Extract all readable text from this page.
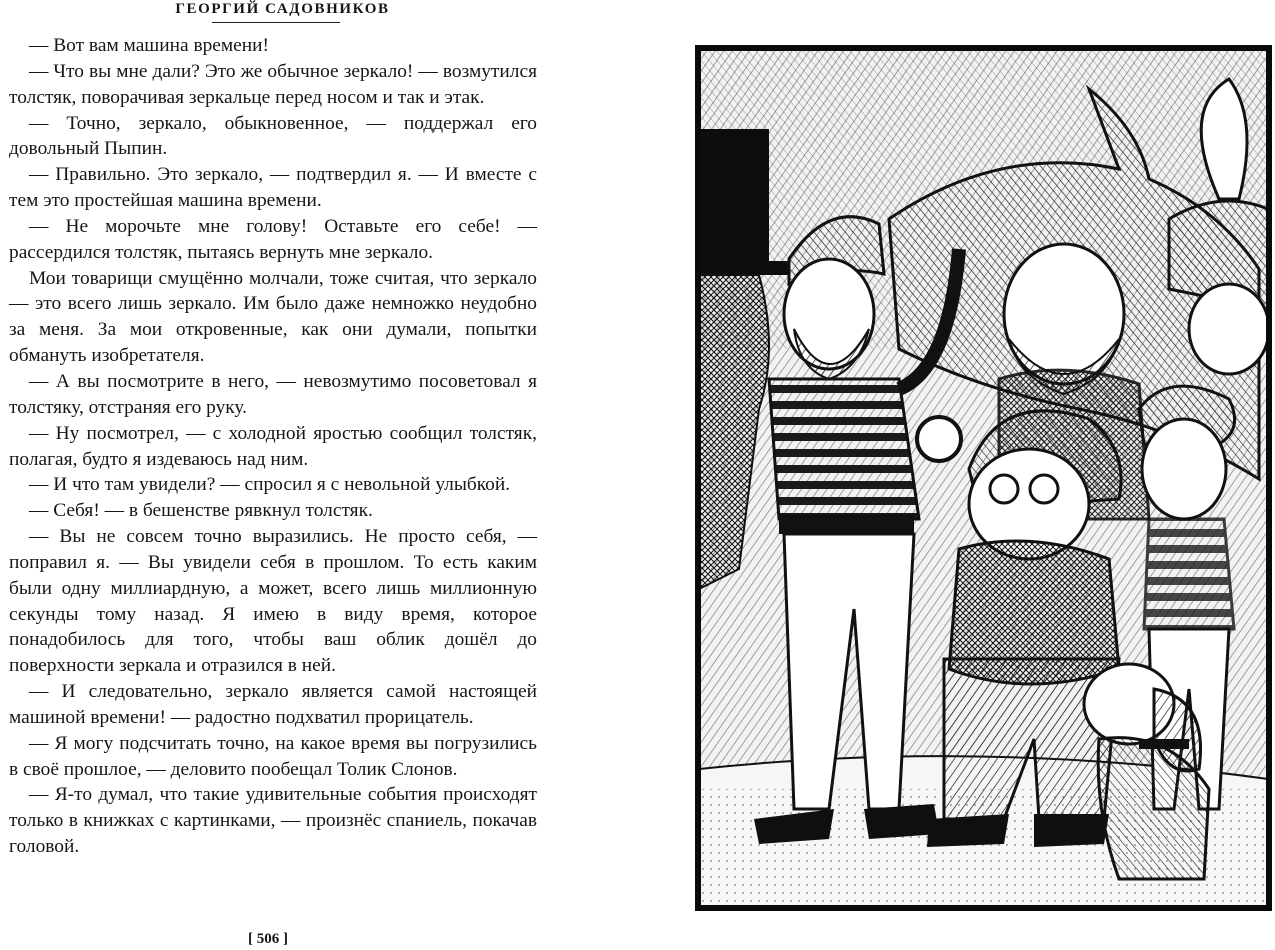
ГЕОРГИЙ САДОВНИКОВ

— Вот вам машина времени!

— Что вы мне дали? Это же обычное зеркало! — возмутился толстяк, поворачивая зеркальце перед носом и так и этак.

— Точно, зеркало, обыкновенное, — поддержал его довольный Пыпин.

— Правильно. Это зеркало, — подтвердил я. — И вместе с тем это простейшая машина времени.

— Не морочьте мне голову! Оставьте его себе! — рассердился толстяк, пытаясь вернуть мне зеркало.

Мои товарищи смущённо молчали, тоже считая, что зеркало — это всего лишь зеркало. Им было даже немножко неудобно за меня. За мои откровенные, как они думали, попытки обмануть изобретателя.

— А вы посмотрите в него, — невозмутимо посоветовал я толстяку, отстраняя его руку.

— Ну посмотрел, — с холодной яростью сообщил толстяк, полагая, будто я издеваюсь над ним.

— И что там увидели? — спросил я с невольной улыбкой.

— Себя! — в бешенстве рявкнул толстяк.

— Вы не совсем точно выразились. Не просто себя, — поправил я. — Вы увидели себя в прошлом. То есть каким были одну миллиардную, а может, всего лишь миллионную секунды тому назад. Я имею в виду время, которое понадобилось для того, чтобы ваш облик дошёл до поверхности зеркала и отразился в ней.

— И следовательно, зеркало является самой настоящей машиной времени! — радостно подхватил прорицатель.

— Я могу подсчитать точно, на какое время вы погрузились в своё прошлое, — деловито пообещал Толик Слонов.

— Я-то думал, что такие удивительные события происходят только в книжках с картинками, — произнёс спаниель, покачав головой.

[ 506 ]
